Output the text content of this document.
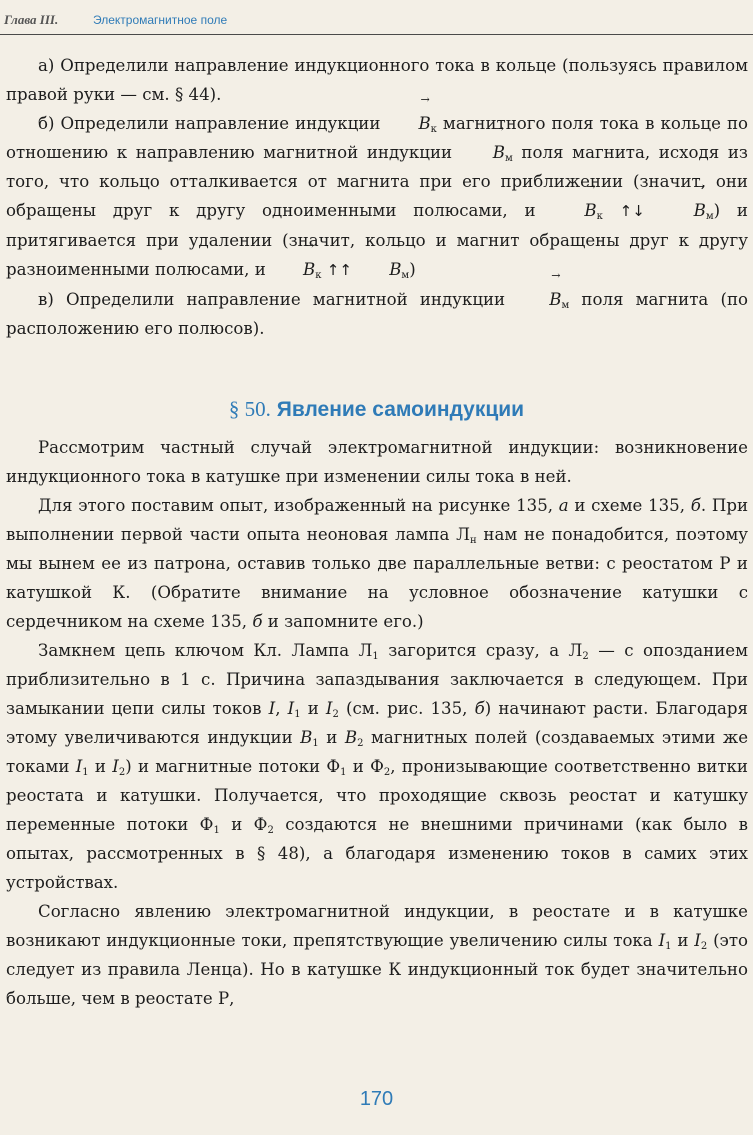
Глава III.	Электромагнитное поле

а) Определили направление индукционного тока в кольце (пользуясь правилом правой руки — см. § 44).

б) Определили направление индукции → $B_к$ магнитного поля тока в кольце по отношению к направлению магнитной индукции → $B_м$ поля магнита, исходя из того, что кольцо отталкивается от магнита при его приближении (значит, они обращены друг к другу одноименными полюсами, $и \to B_к$ ↑↓	→ $B_м$) и притягивается при удалении (значит, кольцо и магнит обращены друг к другу разноименными полюсами, $и \to B_к$ ↑↑ → $B_м$)

в) Определили направление магнитной индукции → $B_м$ поля магнита (по расположению его полюсов).

§ 50. Явление самоиндукции

Рассмотрим частный случай электромагнитной индукции: возникновение индукционного тока в катушке при изменении силы тока в ней.

Для этого поставим опыт, изображенный на рисунке 135, а и схеме 135, б. При выполнении первой части опыта неоновая лампа $Л_н$ нам не понадобится, поэтому мы вынем ее из патрона, оставив только две параллельные ветви: с реостатом Р и катушкой К. (Обратите внимание на условное обозначение катушки с сердечником на схеме 135, б и запомните его.)

Замкнем цепь ключом Кл. Лампа $Л_1$ загорится сразу, а $Л_2$ — с опозданием приблизительно в 1 с. Причина запаздывания заключается в следующем. При замыкании цепи силы токов I, $I_1$ и $I_2$ (см. рис. 135, б) начинают расти. Благодаря этому увеличиваются индукции $B_1$ и $B_2$ магнитных полей (создаваемых этими же токами $I_1$ и $I_2$) и магнитные потоки $Ф_1$ и $Ф_2$, пронизывающие соответственно витки реостата и катушки. Получается, что проходящие сквозь реостат и катушку переменные потоки $Ф_1$ и $Ф_2$ создаются не внешними причинами (как было в опытах, рассмотренных в § 48), а благодаря изменению токов в самих этих устройствах.

Согласно явлению электромагнитной индукции, в реостате и в катушке возникают индукционные токи, препятствующие увеличению силы тока $I_1$ и $I_2$ (это следует из правила Ленца). Но в катушке К индукционный ток будет значительно больше, чем в реостате Р,

170
